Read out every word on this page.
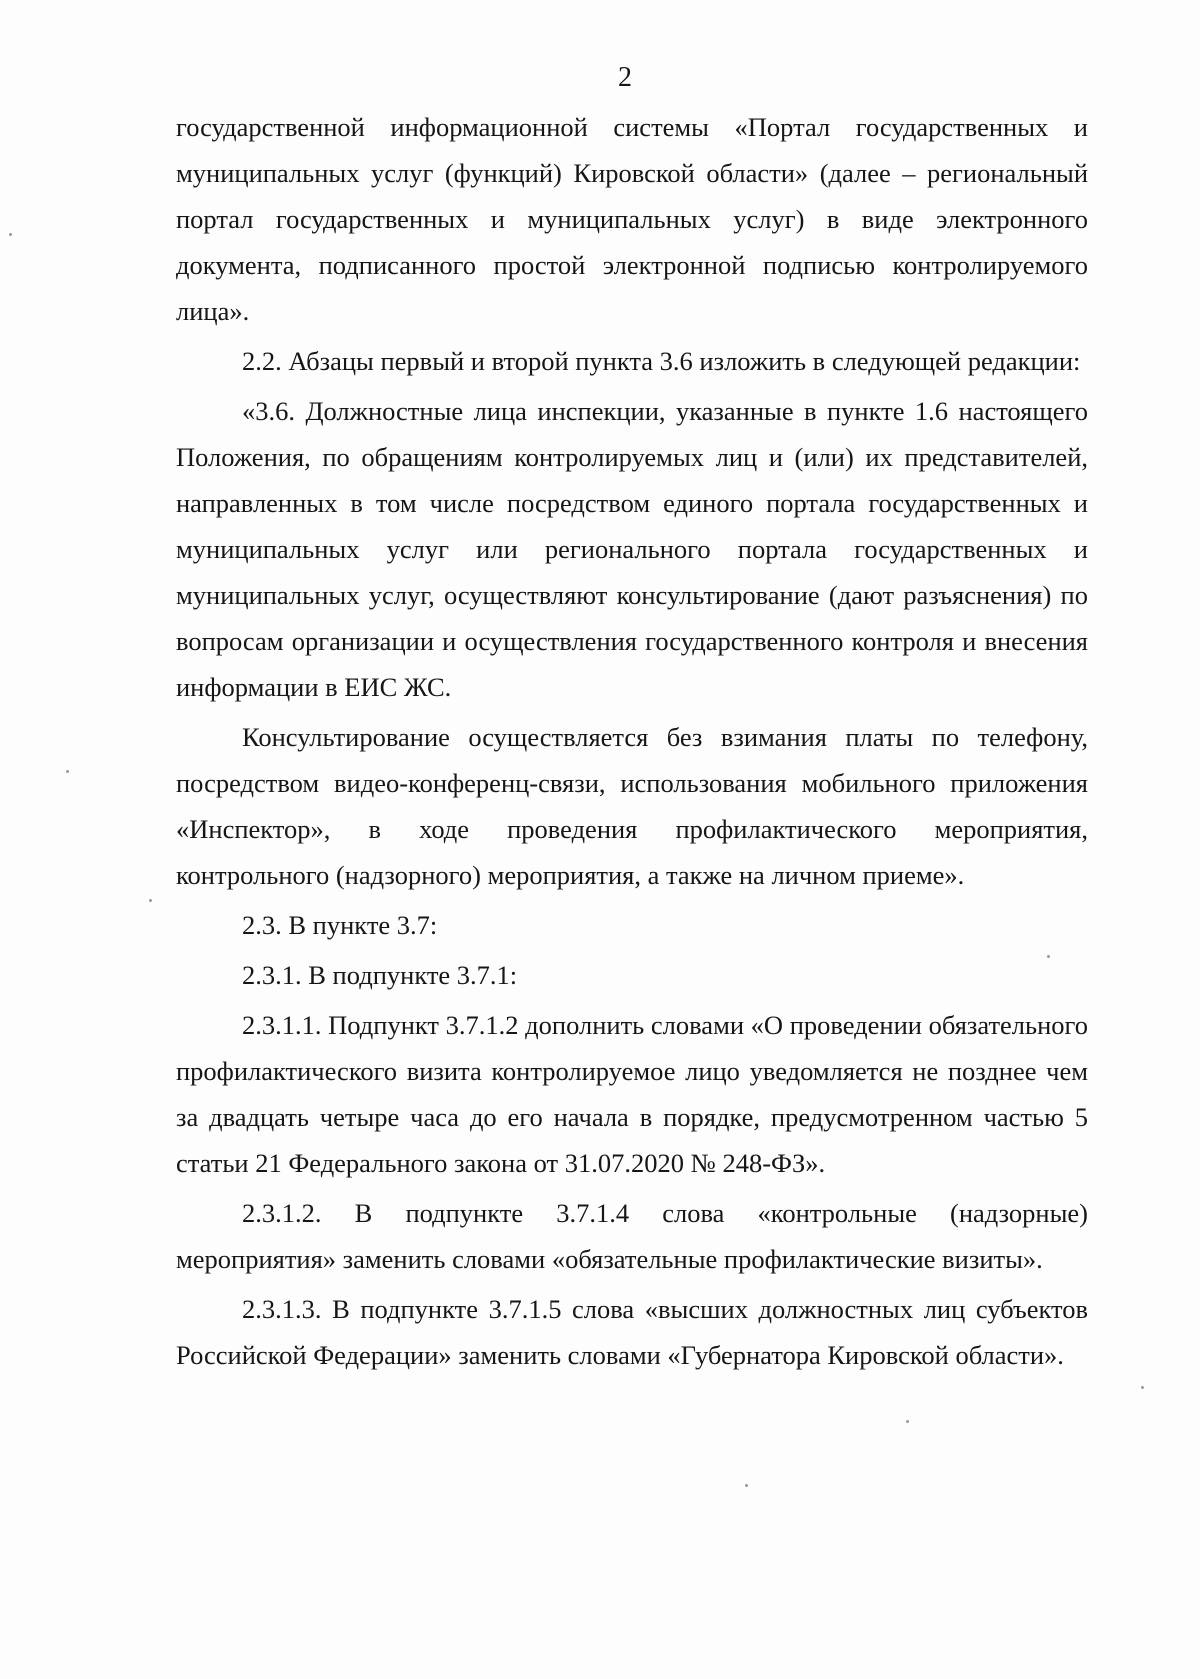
2

государственной информационной системы «Портал государственных и муниципальных услуг (функций) Кировской области» (далее – региональный портал государственных и муниципальных услуг) в виде электронного документа, подписанного простой электронной подписью контролируемого лица».

2.2. Абзацы первый и второй пункта 3.6 изложить в следующей редакции:

«3.6. Должностные лица инспекции, указанные в пункте 1.6 настоящего Положения, по обращениям контролируемых лиц и (или) их представителей, направленных в том числе посредством единого портала государственных и муниципальных услуг или регионального портала государственных и муниципальных услуг, осуществляют консультирование (дают разъяснения) по вопросам организации и осуществления государственного контроля и внесения информации в ЕИС ЖС.

Консультирование осуществляется без взимания платы по телефону, посредством видео-конференц-связи, использования мобильного приложения «Инспектор», в ходе проведения профилактического мероприятия, контрольного (надзорного) мероприятия, а также на личном приеме».

2.3. В пункте 3.7:

2.3.1. В подпункте 3.7.1:

2.3.1.1. Подпункт 3.7.1.2 дополнить словами «О проведении обязательного профилактического визита контролируемое лицо уведомляется не позднее чем за двадцать четыре часа до его начала в порядке, предусмотренном частью 5 статьи 21 Федерального закона от 31.07.2020 № 248-ФЗ».

2.3.1.2. В подпункте 3.7.1.4 слова «контрольные (надзорные) мероприятия» заменить словами «обязательные профилактические визиты».

2.3.1.3. В подпункте 3.7.1.5 слова «высших должностных лиц субъектов Российской Федерации» заменить словами «Губернатора Кировской области».
